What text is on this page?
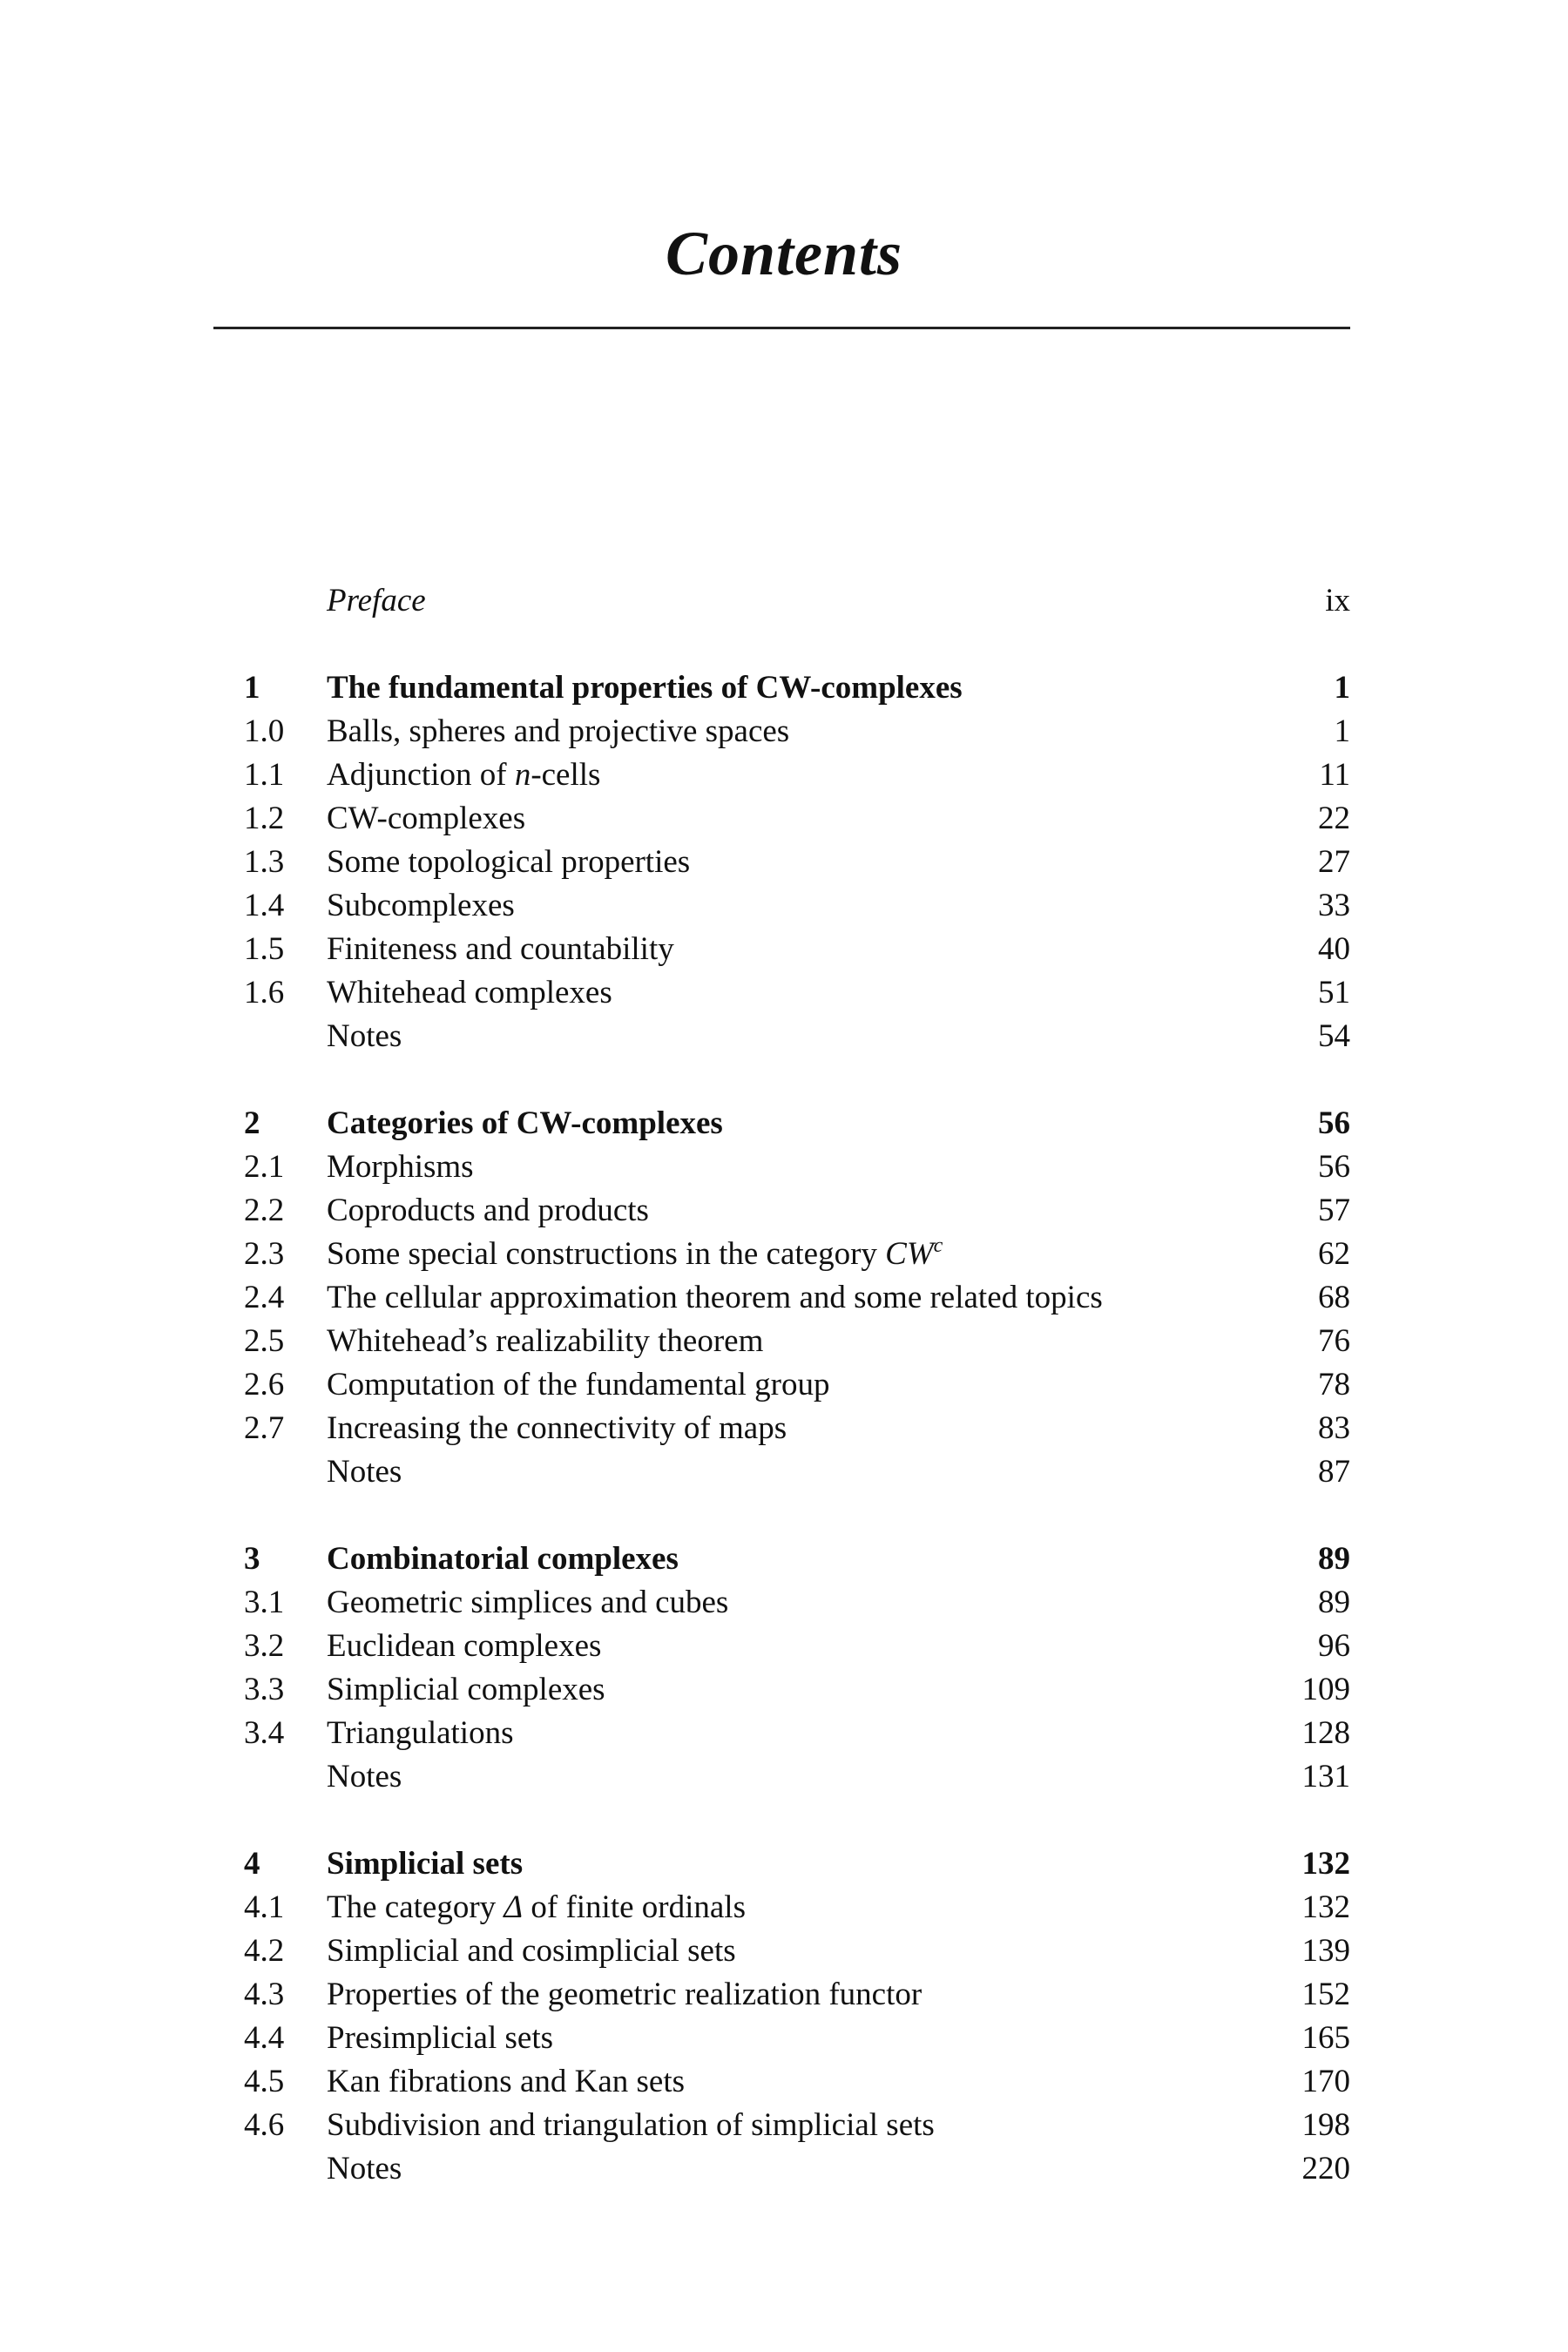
Contents
Preface	ix
1	The fundamental properties of CW-complexes	1
1.0	Balls, spheres and projective spaces	1
1.1	Adjunction of n-cells	11
1.2	CW-complexes	22
1.3	Some topological properties	27
1.4	Subcomplexes	33
1.5	Finiteness and countability	40
1.6	Whitehead complexes	51
Notes	54
2	Categories of CW-complexes	56
2.1	Morphisms	56
2.2	Coproducts and products	57
2.3	Some special constructions in the category $CW^c$	62
2.4	The cellular approximation theorem and some related topics	68
2.5	Whitehead’s realizability theorem	76
2.6	Computation of the fundamental group	78
2.7	Increasing the connectivity of maps	83
Notes	87
3	Combinatorial complexes	89
3.1	Geometric simplices and cubes	89
3.2	Euclidean complexes	96
3.3	Simplicial complexes	109
3.4	Triangulations	128
Notes	131
4	Simplicial sets	132
4.1	The category Δ of finite ordinals	132
4.2	Simplicial and cosimplicial sets	139
4.3	Properties of the geometric realization functor	152
4.4	Presimplicial sets	165
4.5	Kan fibrations and Kan sets	170
4.6	Subdivision and triangulation of simplicial sets	198
Notes	220
